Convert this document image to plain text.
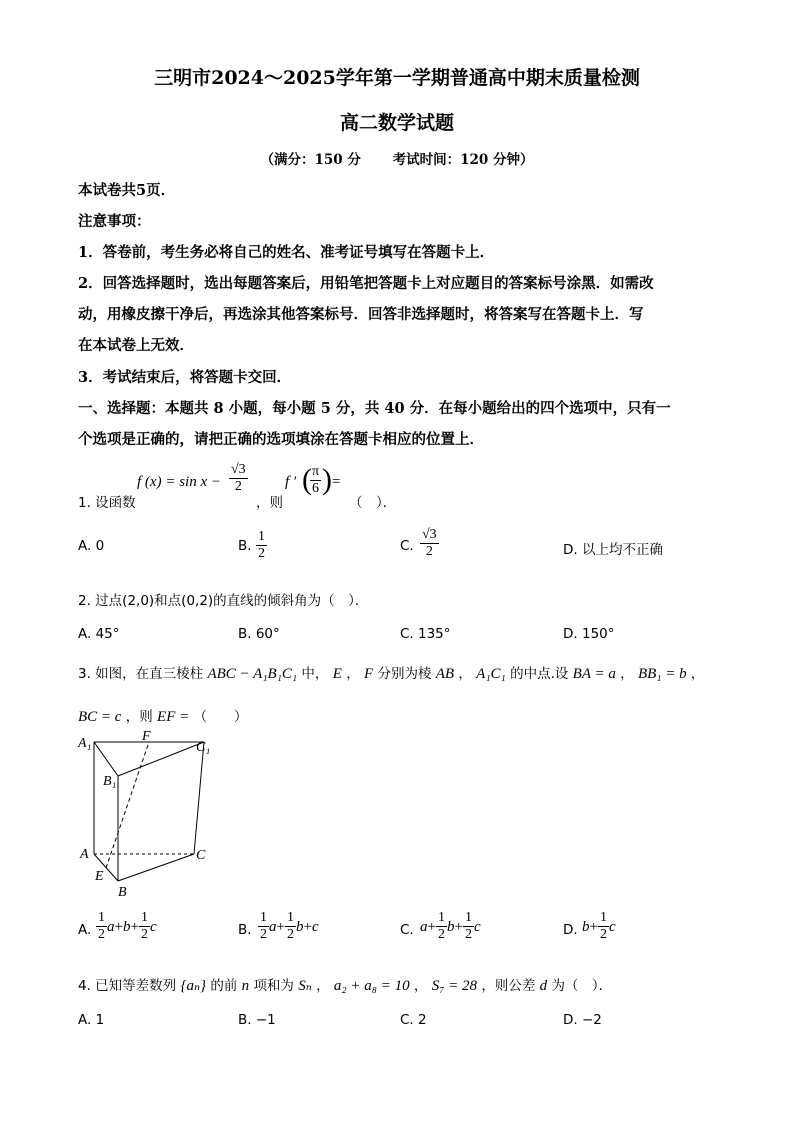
三明市2024～2025学年第一学期普通高中期末质量检测
高二数学试题
（满分：150 分　　 考试时间：120 分钟）
本试卷共5页．
注意事项：
1．答卷前，考生务必将自己的姓名、准考证号填写在答题卡上．
2．回答选择题时，选出每题答案后，用铅笔把答题卡上对应题目的答案标号涂黑．如需改
动，用橡皮擦干净后，再选涂其他答案标号．回答非选择题时，将答案写在答题卡上．写
在本试卷上无效．
3．考试结束后，将答题卡交回．
一、选择题：本题共 8 小题，每小题 5 分，共 40 分．在每小题给出的四个选项中，只有一
个选项是正确的，请把正确的选项填涂在答题卡相应的位置上．
1. 设函数
f $(x) = \sin x - \frac{√3}{2}$
，则
f ′ (
$\frac{\pi}{6}$ ) =
（　）．
A. 0	B. $\frac{1}{2}$	C. $\frac{√3}{2}$	D. 以上均不正确
2. 过点(2,0)和点(0,2)的直线的倾斜角为（　）．
A. 45°	B. 60°	C. 135°	D. 150°
3. 如图，在直三棱柱 ABC − A₁B₁C₁ 中， E ， F 分别为棱 AB ， A₁C₁ 的中点.设 BA = a ， BB₁ = b ，
BC = c ，则 EF = （　　）
A₁	F
C₁
B₁
A	C
E
B
A. $\frac{1}{2} a+b+ \frac{1}{2}$ c	B. $\frac{1}{2} a+ \frac{1}{2} b+c$	C. $a+ \frac{1}{2} b+ \frac{1}{2}$ c	D. $b+ \frac{1}{2}$ c
4. 已知等差数列 {aₙ} 的前 n 项和为 Sₙ ， a₂ + a₈ = 10 ， S₇ = 28 ，则公差 d 为（　）．
A. 1	B. −1	C. 2	D. −2
